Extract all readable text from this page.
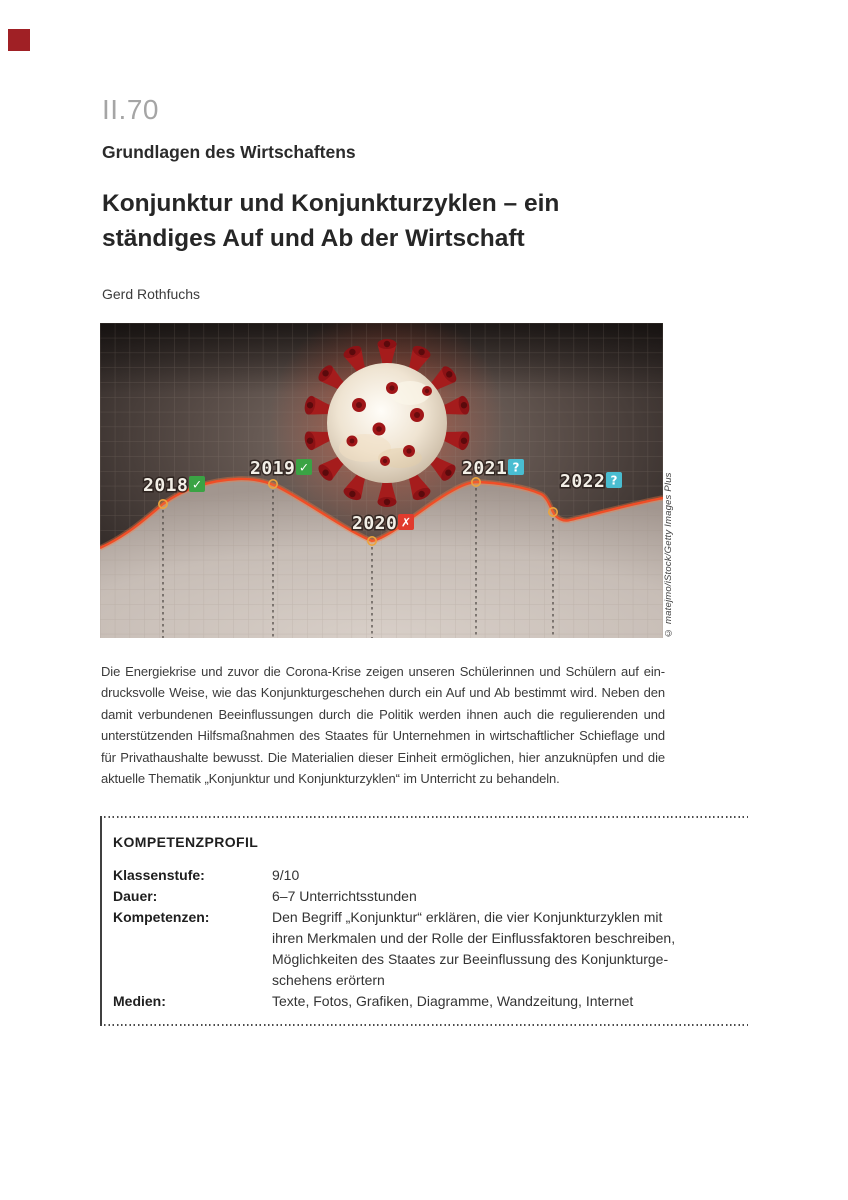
II.70
Grundlagen des Wirtschaftens
Konjunktur und Konjunkturzyklen – ein
ständiges Auf und Ab der Wirtschaft
Gerd Rothfuchs
2018 ✓
2019 ✓
2020 ✗
2021 ?
2022 ?	© matejmo/iStock/Getty Images Plus
Die Energiekrise und zuvor die Corona-Krise zeigen unseren Schülerinnen und Schülern auf ein-
drucksvolle Weise, wie das Konjunkturgeschehen durch ein Auf und Ab bestimmt wird. Neben den
damit verbundenen Beeinflussungen durch die Politik werden ihnen auch die regulierenden und
unterstützenden Hilfsmaßnahmen des Staates für Unternehmen in wirtschaftlicher Schieflage und
für Privathaushalte bewusst. Die Materialien dieser Einheit ermöglichen, hier anzuknüpfen und die
aktuelle Thematik „Konjunktur und Konjunkturzyklen“ im Unterricht zu behandeln.
KOMPETENZPROFIL
Klassenstufe:	9/10
Dauer:	6–7 Unterrichtsstunden
Kompetenzen:	Den Begriff „Konjunktur“ erklären, die vier Konjunkturzyklen mit
ihren Merkmalen und der Rolle der Einflussfaktoren beschreiben,
Möglichkeiten des Staates zur Beeinflussung des Konjunkturge-
schehens erörtern
Medien:	Texte, Fotos, Grafiken, Diagramme, Wandzeitung, Internet
